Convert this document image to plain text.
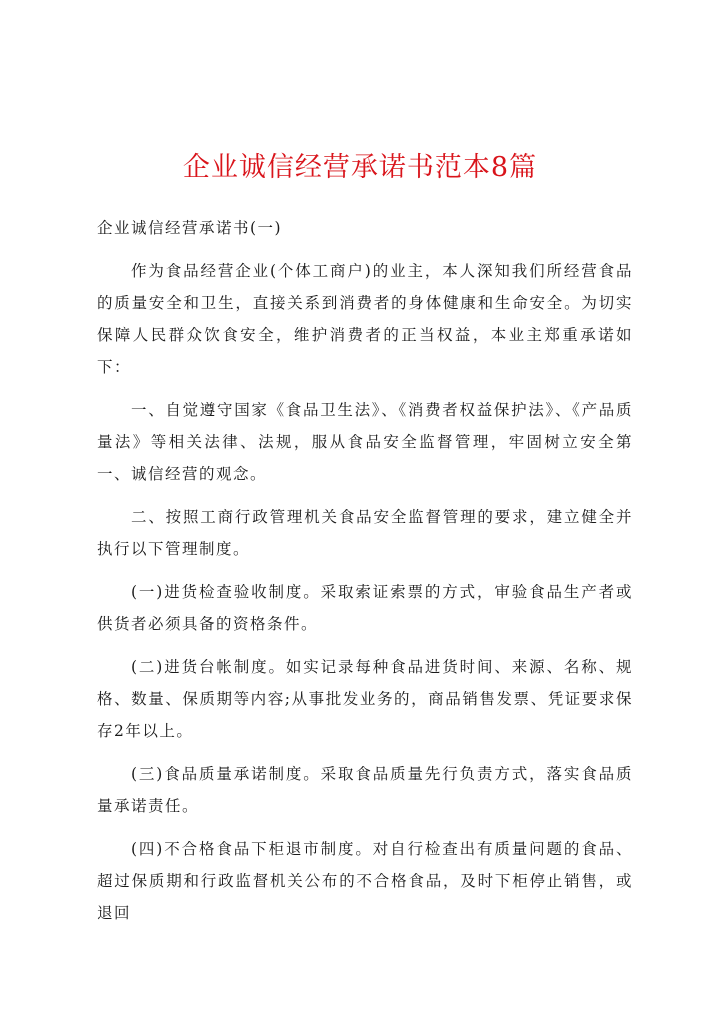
企业诚信经营承诺书范本8篇

企业诚信经营承诺书(一)

作为食品经营企业(个体工商户)的业主，本人深知我们所经营食品的质量安全和卫生，直接关系到消费者的身体健康和生命安全。为切实保障人民群众饮食安全，维护消费者的正当权益，本业主郑重承诺如下：

一、自觉遵守国家《食品卫生法》、《消费者权益保护法》、《产品质量法》等相关法律、法规，服从食品安全监督管理，牢固树立安全第一、诚信经营的观念。

二、按照工商行政管理机关食品安全监督管理的要求，建立健全并执行以下管理制度。

(一)进货检查验收制度。采取索证索票的方式，审验食品生产者或供货者必须具备的资格条件。

(二)进货台帐制度。如实记录每种食品进货时间、来源、名称、规格、数量、保质期等内容;从事批发业务的，商品销售发票、凭证要求保存2年以上。

(三)食品质量承诺制度。采取食品质量先行负责方式，落实食品质量承诺责任。

(四)不合格食品下柜退市制度。对自行检查出有质量问题的食品、超过保质期和行政监督机关公布的不合格食品，及时下柜停止销售，或退回
